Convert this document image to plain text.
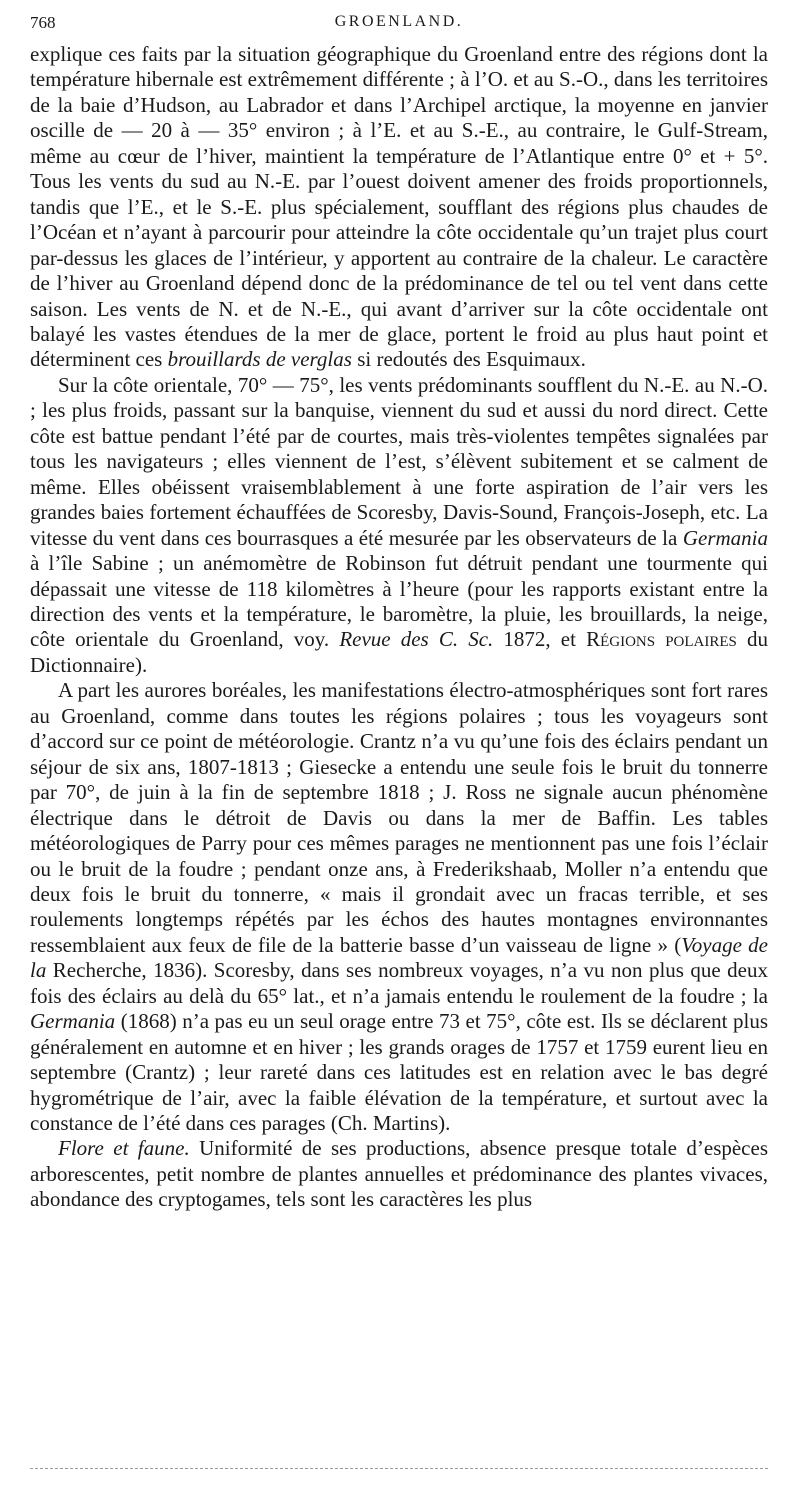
768	GROENLAND.

explique ces faits par la situation géographique du Groenland entre des régions dont la température hibernale est extrêmement différente ; à l’O. et au S.-O., dans les territoires de la baie d’Hudson, au Labrador et dans l’Archipel arctique, la moyenne en janvier oscille de — 20 à — 35° environ ; à l’E. et au S.-E., au contraire, le Gulf-Stream, même au cœur de l’hiver, maintient la température de l’Atlantique entre 0° et + 5°. Tous les vents du sud au N.-E. par l’ouest doivent amener des froids proportionnels, tandis que l’E., et le S.-E. plus spécialement, soufflant des régions plus chaudes de l’Océan et n’ayant à parcourir pour atteindre la côte occidentale qu’un trajet plus court par-dessus les glaces de l’intérieur, y apportent au contraire de la chaleur. Le caractère de l’hiver au Groenland dépend donc de la prédominance de tel ou tel vent dans cette saison. Les vents de N. et de N.-E., qui avant d’arriver sur la côte occidentale ont balayé les vastes étendues de la mer de glace, portent le froid au plus haut point et déterminent ces brouillards de verglas si redoutés des Esquimaux.

Sur la côte orientale, 70° — 75°, les vents prédominants soufflent du N.-E. au N.-O. ; les plus froids, passant sur la banquise, viennent du sud et aussi du nord direct. Cette côte est battue pendant l’été par de courtes, mais très-violentes tempêtes signalées par tous les navigateurs ; elles viennent de l’est, s’élèvent subitement et se calment de même. Elles obéissent vraisemblablement à une forte aspiration de l’air vers les grandes baies fortement échauffées de Scoresby, Davis-Sound, François-Joseph, etc. La vitesse du vent dans ces bourrasques a été mesurée par les observateurs de la Germania à l’île Sabine ; un anémomètre de Robinson fut détruit pendant une tourmente qui dépassait une vitesse de 118 kilomètres à l’heure (pour les rapports existant entre la direction des vents et la température, le baromètre, la pluie, les brouillards, la neige, côte orientale du Groenland, voy. Revue des C. Sc. 1872, et Régions polaires du Dictionnaire).

A part les aurores boréales, les manifestations électro-atmosphériques sont fort rares au Groenland, comme dans toutes les régions polaires ; tous les voyageurs sont d’accord sur ce point de météorologie. Crantz n’a vu qu’une fois des éclairs pendant un séjour de six ans, 1807-1813 ; Giesecke a entendu une seule fois le bruit du tonnerre par 70°, de juin à la fin de septembre 1818 ; J. Ross ne signale aucun phénomène électrique dans le détroit de Davis ou dans la mer de Baffin. Les tables météorologiques de Parry pour ces mêmes parages ne mentionnent pas une fois l’éclair ou le bruit de la foudre ; pendant onze ans, à Frederikshaab, Moller n’a entendu que deux fois le bruit du tonnerre, « mais il grondait avec un fracas terrible, et ses roulements longtemps répétés par les échos des hautes montagnes environnantes ressemblaient aux feux de file de la batterie basse d’un vaisseau de ligne » (Voyage de la Recherche, 1836). Scoresby, dans ses nombreux voyages, n’a vu non plus que deux fois des éclairs au delà du 65° lat., et n’a jamais entendu le roulement de la foudre ; la Germania (1868) n’a pas eu un seul orage entre 73 et 75°, côte est. Ils se déclarent plus généralement en automne et en hiver ; les grands orages de 1757 et 1759 eurent lieu en septembre (Crantz) ; leur rareté dans ces latitudes est en relation avec le bas degré hygrométrique de l’air, avec la faible élévation de la température, et surtout avec la constance de l’été dans ces parages (Ch. Martins).

Flore et faune. Uniformité de ses productions, absence presque totale d’espèces arborescentes, petit nombre de plantes annuelles et prédominance des plantes vivaces, abondance des cryptogames, tels sont les caractères les plus
